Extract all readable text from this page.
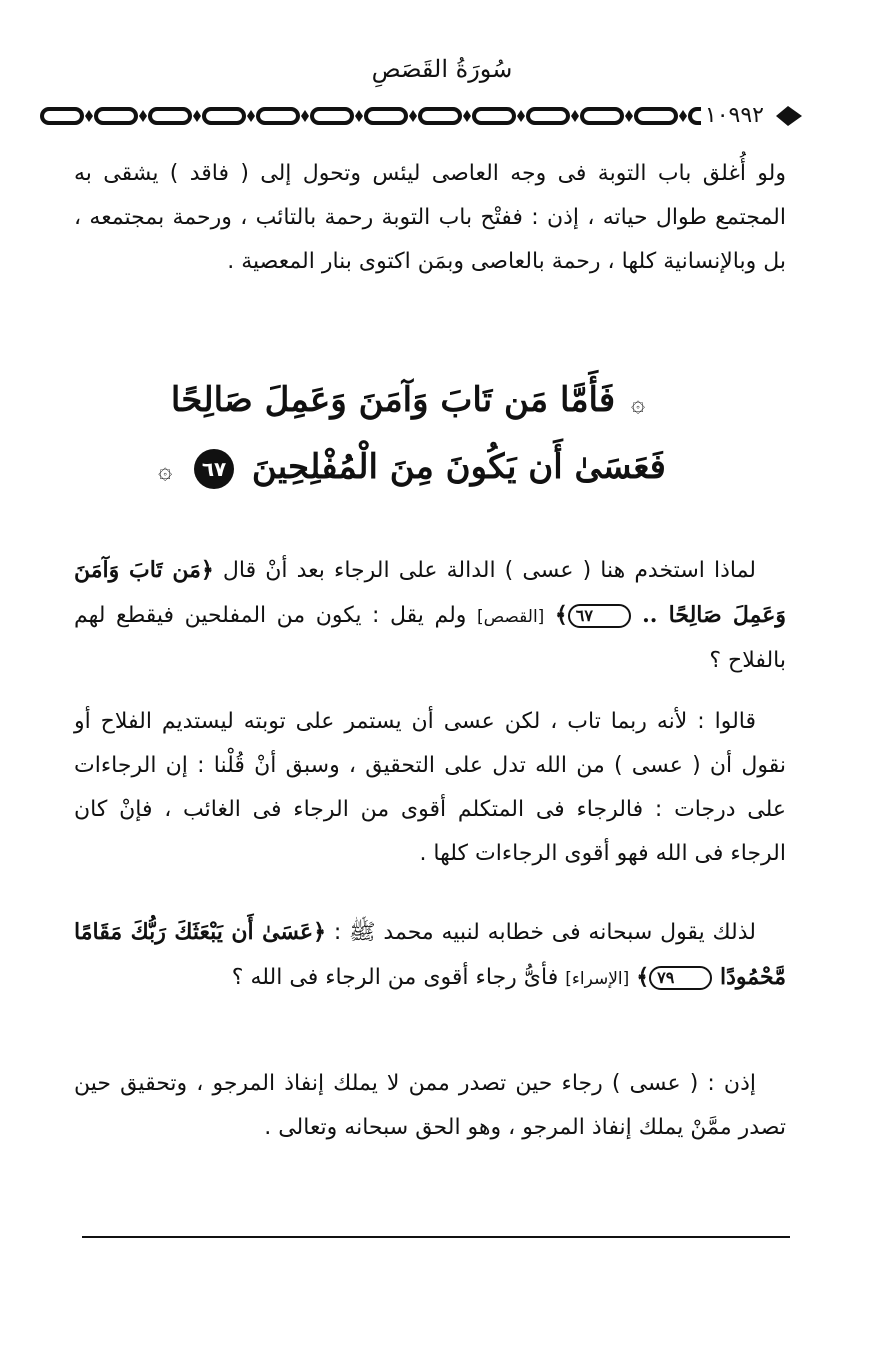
سُورَةُ القَصَصِ
١٠٩٩٢
ولو أُغلق باب التوبة فى وجه العاصى ليئس وتحول إلى ( فاقد ) يشقى به المجتمع طوال حياته ، إذن : ففتْح باب التوبة رحمة بالتائب ، ورحمة بمجتمعه ، بل وبالإنسانية كلها ، رحمة بالعاصى وبمَن اكتوى بنار المعصية .
۞ فَأَمَّا مَن تَابَ وَآمَنَ وَعَمِلَ صَالِحًا فَعَسَىٰ أَن يَكُونَ مِنَ الْمُفْلِحِينَ ٦٧ ۞
لماذا استخدم هنا ( عسى ) الدالة على الرجاء بعد أنْ قال ﴿مَن تَابَ وَآمَنَ وَعَمِلَ صَالِحًا .. ٦٧﴾ [القصص] ولم يقل : يكون من المفلحين فيقطع لهم بالفلاح ؟
قالوا : لأنه ربما تاب ، لكن عسى أن يستمر على توبته ليستديم الفلاح أو نقول أن ( عسى ) من الله تدل على التحقيق ، وسبق أنْ قُلْنا : إن الرجاءات على درجات : فالرجاء فى المتكلم أقوى من الرجاء فى الغائب ، فإنْ كان الرجاء فى الله فهو أقوى الرجاءات كلها .
لذلك يقول سبحانه فى خطابه لنبيه محمد ﷺ : ﴿عَسَىٰ أَن يَبْعَثَكَ رَبُّكَ مَقَامًا مَّحْمُودًا ٧٩﴾ [الإسراء] فأىُّ رجاء أقوى من الرجاء فى الله ؟
إذن : ( عسى ) رجاء حين تصدر ممن لا يملك إنفاذ المرجو ، وتحقيق حين تصدر ممَّنْ يملك إنفاذ المرجو ، وهو الحق سبحانه وتعالى .
